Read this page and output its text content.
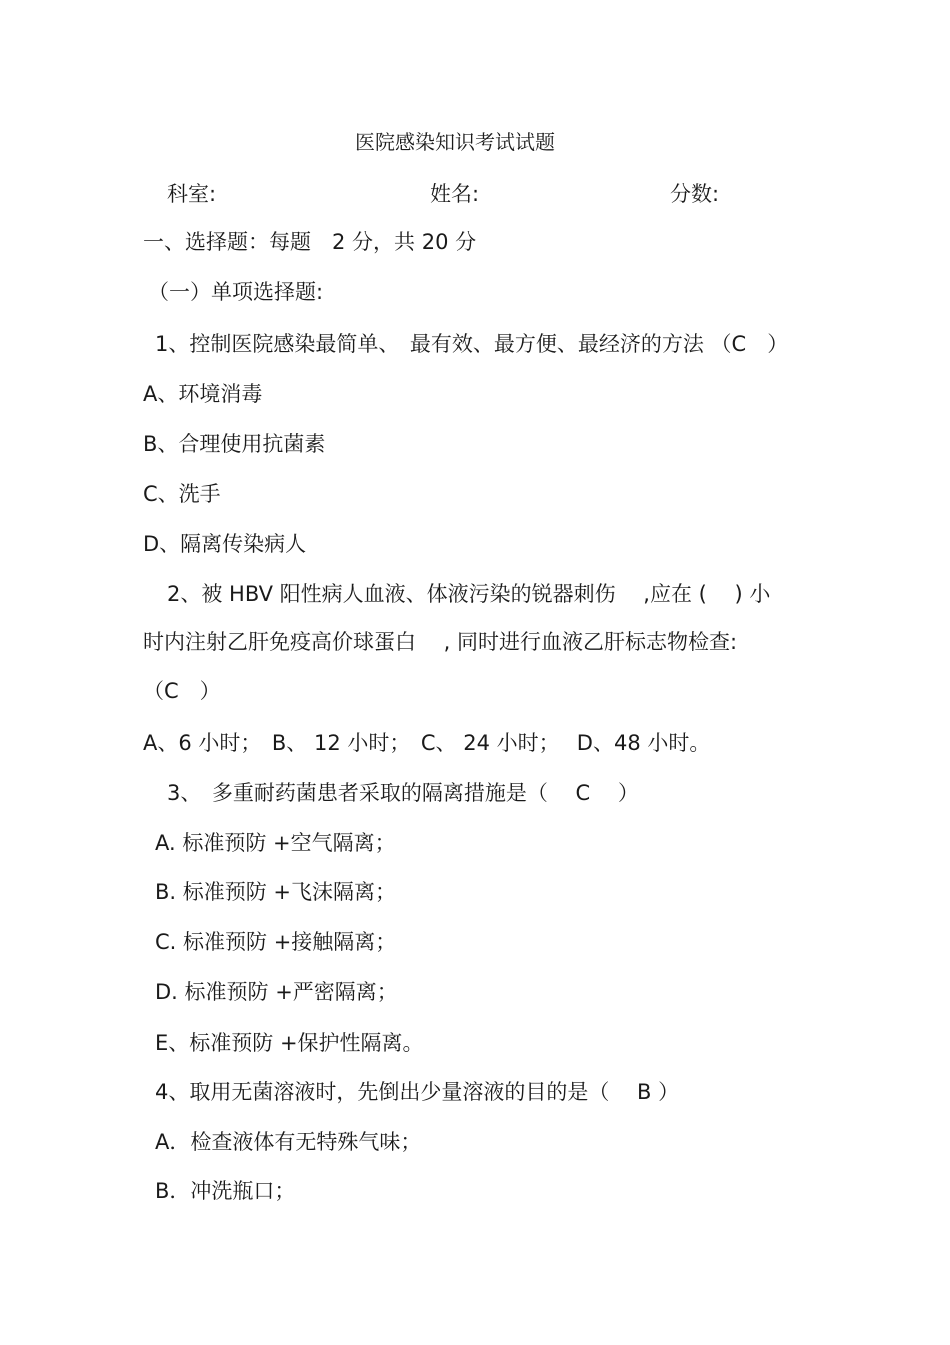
医院感染知识考试试题
科室:	姓名:	分数:
一、选择题：每题　2 分，共 20 分
（一）单项选择题:
1、控制医院感染最简单、　最有效、最方便、最经济的方法 （C　）
A、环境消毒
B、合理使用抗菌素
C、洗手
D、隔离传染病人
2、被 HBV 阳性病人血液、体液污染的锐器刺伤　 ,应在 (　 ) 小
时内注射乙肝免疫高价球蛋白　 , 同时进行血液乙肝标志物检查:
（C　）
A、6 小时；　B、 12 小时；　C、 24 小时；　 D、48 小时。
3、　多重耐药菌患者采取的隔离措施是（　 C　 ）
A. 标准预防 +空气隔离；
B. 标准预防 +飞沫隔离；
C. 标准预防 +接触隔离；
D. 标准预防 +严密隔离；
E、标准预防 +保护性隔离。
4、取用无菌溶液时，先倒出少量溶液的目的是（　 B ）
A．检查液体有无特殊气味；
B．冲洗瓶口；
